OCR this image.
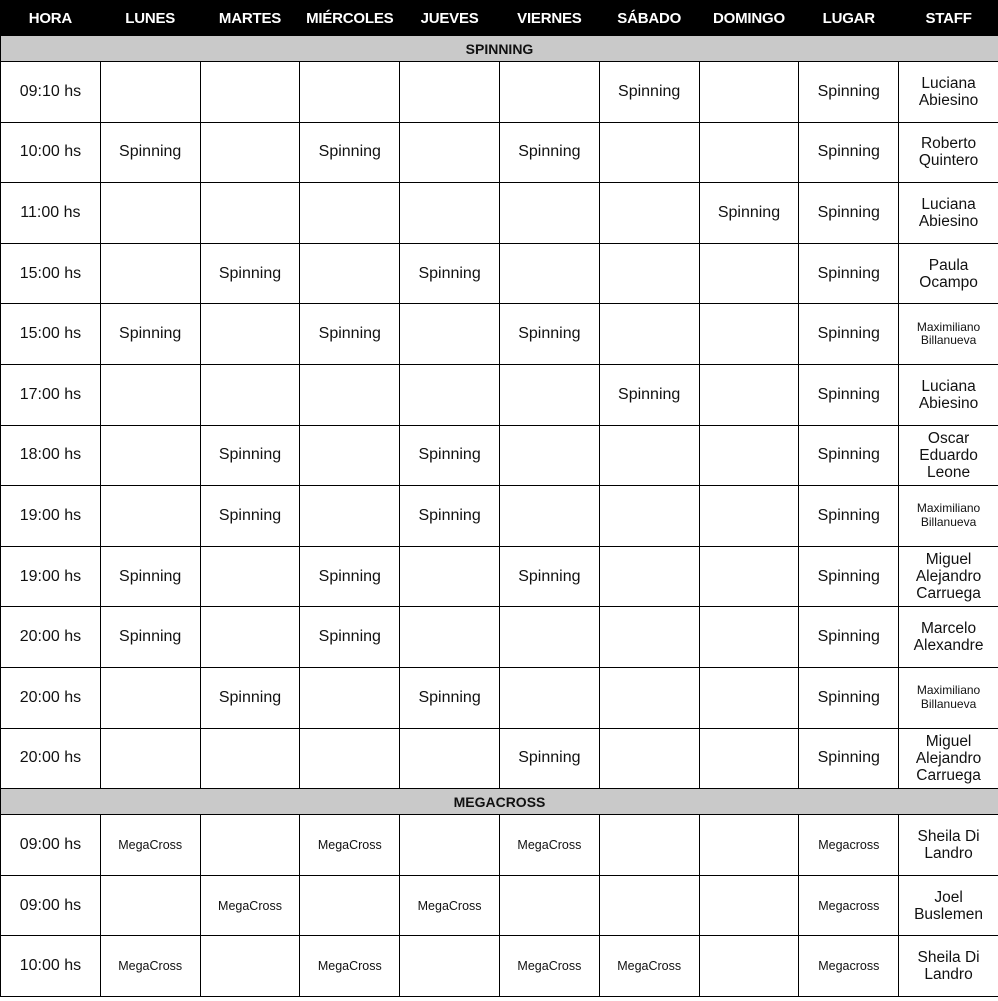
HORA	LUNES	MARTES	MIÉRCOLES	JUEVES	VIERNES	SÁBADO	DOMINGO	LUGAR	STAFF
SPINNING									
09:10 hs						Spinning		Spinning	Luciana Abiesino

10:00 hs	Spinning		Spinning		Spinning			Spinning	Roberto Quintero

11:00 hs							Spinning	Spinning	Luciana Abiesino

15:00 hs		Spinning		Spinning				Spinning	Paula Ocampo

15:00 hs	Spinning		Spinning		Spinning			Spinning	Maximiliano Billanueva

17:00 hs						Spinning		Spinning	Luciana Abiesino

18:00 hs		Spinning		Spinning				Spinning	Oscar Eduardo Leone

19:00 hs		Spinning		Spinning				Spinning	Maximiliano Billanueva

19:00 hs	Spinning		Spinning		Spinning			Spinning	Miguel Alejandro Carruega

20:00 hs	Spinning		Spinning					Spinning	Marcelo Alexandre

20:00 hs		Spinning		Spinning				Spinning	Maximiliano Billanueva

20:00 hs					Spinning			Spinning	Miguel Alejandro Carruega

MEGACROSS									
09:00 hs	MegaCross		MegaCross		MegaCross			Megacross	Sheila Di Landro

09:00 hs		MegaCross		MegaCross				Megacross	Joel Buslemen

10:00 hs	MegaCross		MegaCross		MegaCross	MegaCross		Megacross	Sheila Di Landro
